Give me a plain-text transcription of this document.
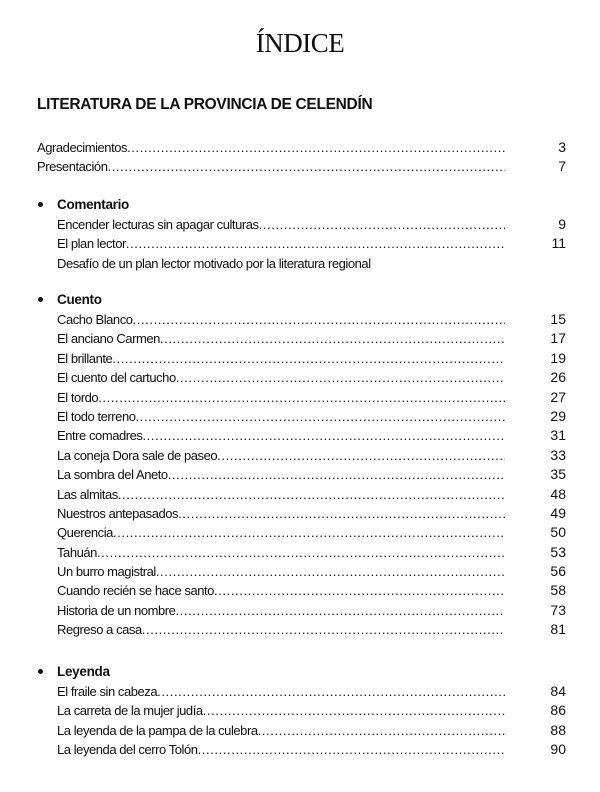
ÍNDICE
LITERATURA DE LA PROVINCIA DE CELENDÍN
3
Agradecimientos
.....
7
Presentación
.....
Comentario
9
Encender lecturas sin apagar culturas
.....
11
El plan lector
.....
Desafío de un plan lector motivado por la literatura regional
Cuento
15
Cacho Blanco
.....
17
El anciano Carmen
.....
19
El brillante
.....
26
El cuento del cartucho
.....
27
El tordo
.....
29
El todo terreno
.....
31
Entre comadres
.....
33
La coneja Dora sale de paseo
.....
35
La sombra del Aneto
.....
48
Las almitas
.....
49
Nuestros antepasados
.....
50
Querencia
.....
53
Tahuán
.....
56
Un burro magistral
.....
58
Cuando recién se hace santo
.....
73
Historia de un nombre
.....
81
Regreso a casa
.....
Leyenda
84
El fraile sin cabeza
.....
86
La carreta de la mujer judía
.....
88
La leyenda de la pampa de la culebra
.....
90
La leyenda del cerro Tolón
.....
